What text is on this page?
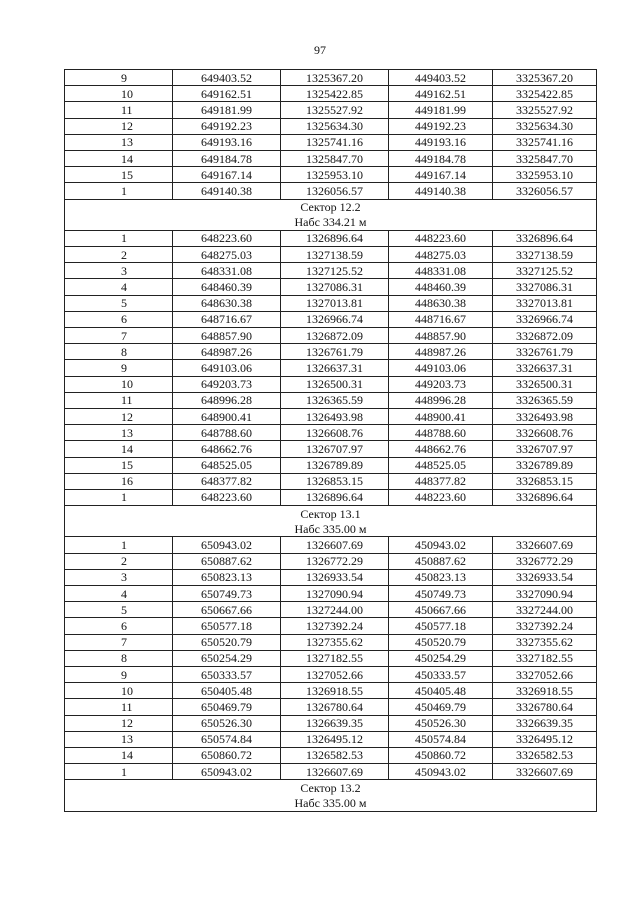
97
9	649403.52	1325367.20	449403.52	3325367.20
10	649162.51	1325422.85	449162.51	3325422.85
11	649181.99	1325527.92	449181.99	3325527.92
12	649192.23	1325634.30	449192.23	3325634.30
13	649193.16	1325741.16	449193.16	3325741.16
14	649184.78	1325847.70	449184.78	3325847.70
15	649167.14	1325953.10	449167.14	3325953.10
1	649140.38	1326056.57	449140.38	3326056.57
Сектор 12.2				
Набс 334.21 м				
1	648223.60	1326896.64	448223.60	3326896.64
2	648275.03	1327138.59	448275.03	3327138.59
3	648331.08	1327125.52	448331.08	3327125.52
4	648460.39	1327086.31	448460.39	3327086.31
5	648630.38	1327013.81	448630.38	3327013.81
6	648716.67	1326966.74	448716.67	3326966.74
7	648857.90	1326872.09	448857.90	3326872.09
8	648987.26	1326761.79	448987.26	3326761.79
9	649103.06	1326637.31	449103.06	3326637.31
10	649203.73	1326500.31	449203.73	3326500.31
11	648996.28	1326365.59	448996.28	3326365.59
12	648900.41	1326493.98	448900.41	3326493.98
13	648788.60	1326608.76	448788.60	3326608.76
14	648662.76	1326707.97	448662.76	3326707.97
15	648525.05	1326789.89	448525.05	3326789.89
16	648377.82	1326853.15	448377.82	3326853.15
1	648223.60	1326896.64	448223.60	3326896.64
Сектор 13.1				
Набс 335.00 м				
1	650943.02	1326607.69	450943.02	3326607.69
2	650887.62	1326772.29	450887.62	3326772.29
3	650823.13	1326933.54	450823.13	3326933.54
4	650749.73	1327090.94	450749.73	3327090.94
5	650667.66	1327244.00	450667.66	3327244.00
6	650577.18	1327392.24	450577.18	3327392.24
7	650520.79	1327355.62	450520.79	3327355.62
8	650254.29	1327182.55	450254.29	3327182.55
9	650333.57	1327052.66	450333.57	3327052.66
10	650405.48	1326918.55	450405.48	3326918.55
11	650469.79	1326780.64	450469.79	3326780.64
12	650526.30	1326639.35	450526.30	3326639.35
13	650574.84	1326495.12	450574.84	3326495.12
14	650860.72	1326582.53	450860.72	3326582.53
1	650943.02	1326607.69	450943.02	3326607.69
Сектор 13.2				
Набс 335.00 м				
